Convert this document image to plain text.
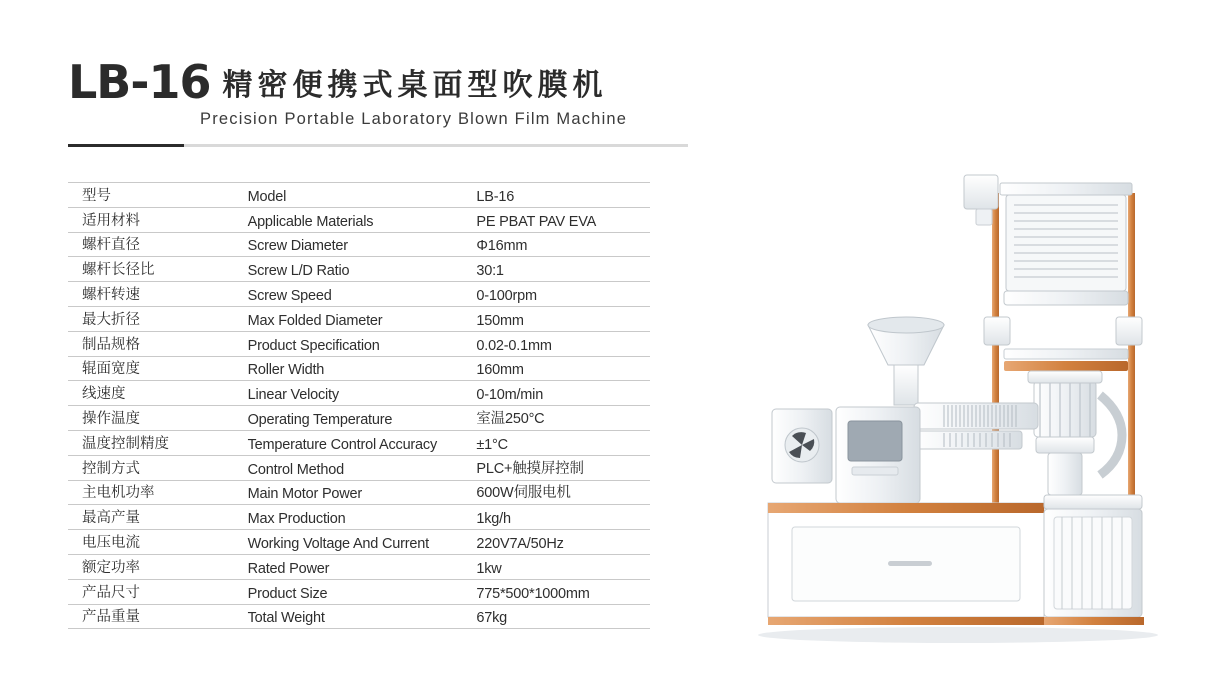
LB-16 精密便携式桌面型吹膜机
Precision Portable Laboratory Blown Film Machine
型号	Model	LB-16
适用材料	Applicable Materials	PE PBAT PAV EVA
螺杆直径	Screw Diameter	Φ16mm
螺杆长径比	Screw L/D Ratio	30:1
螺杆转速	Screw Speed	0-100rpm
最大折径	Max Folded Diameter	150mm
制品规格	Product Specification	0.02-0.1mm
辊面宽度	Roller Width	160mm
线速度	Linear Velocity	0-10m/min
操作温度	Operating Temperature	室温250°C
温度控制精度	Temperature Control Accuracy	±1°C
控制方式	Control Method	PLC+触摸屏控制
主电机功率	Main Motor Power	600W伺服电机
最高产量	Max Production	1kg/h
电压电流	Working Voltage And Current	220V7A/50Hz
额定功率	Rated Power	1kw
产品尺寸	Product Size	775*500*1000mm
产品重量	Total Weight	67kg
